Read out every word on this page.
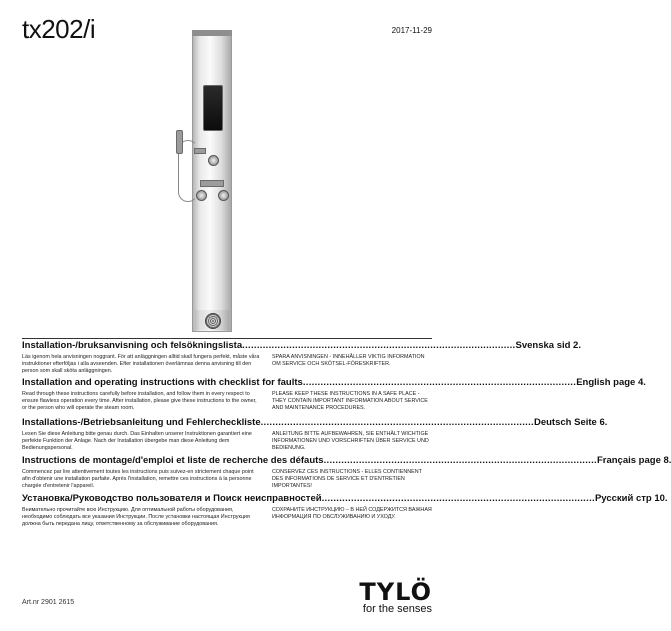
tx202/i	2017-11-29
Installation-/bruksanvisning och felsökningslista ............................................................................................. Svenska sid 2.
Läs igenom hela anvisningen noggrant. För att anläggningen alltid skall fungera perfekt, måste våra instruktioner efterföljas i alla avseenden. Efter installationen överlämnas denna anvisning till den person som skall sköta anläggningen.
SPARA ANVISNINGEN - INNEHÅLLER VIKTIG INFORMATION OM SERVICE OCH SKÖTSEL-FÖRESKRIFTER.
Installation and operating instructions with checklist for faults ............................................................................................. English page 4.
Read through these instructions carefully before installation, and follow them in every respect to ensure flawless operation every time. After installation, please give these instructions to the owner, or the person who will operate the steam room.
PLEASE KEEP THESE INSTRUCTIONS IN A SAFE PLACE - THEY CONTAIN IMPORTANT INFORMATION ABOUT SERVICE AND MAINTENANCE PROCEDURES.
Installations-/Betriebsanleitung und Fehlercheckliste ............................................................................................. Deutsch Seite 6.
Lesen Sie diese Anleitung bitte genau durch. Das Einhalten unserer Instruktionen garantiert eine perfekte Funktion der Anlage. Nach der Installation übergebe man diese Anleitung dem Bedienungspersonal.
ANLEITUNG BITTE AUFBEWAHREN, SIE ENTHÄLT WICHTIGE INFORMATIONEN UND VORSCHRIFTEN ÜBER SERVICE UND BEDIENUNG.
Instructions de montage/d'emploi et liste de recherche des défauts ............................................................................................. Français page 8.
Commencez par lire attentivement toutes les instructions puis suivez-en strictement chaque point afin d'obtenir une installation parfaite. Après l'installation, remettre ces instructions à la personne chargée d'entretenir l'appareil.
CONSERVEZ CES INSTRUCTIONS - ELLES CONTIENNENT DES INFORMATIONS DE SERVICE ET D'ENTRETIEN IMPORTANTES!
Установка/Руководство пользователя и Поиск неисправностей ............................................................................................. Русский стр 10.
Внимательно прочитайте всю Инструкцию. Для оптимальной работы оборудования, необходимо соблюдать все указания Инструкции. После установки настоящая Инструкция должна быть передана лицу, ответственному за обслуживание оборудования.
СОХРАНИТЕ ИНСТРУКЦИЮ – В НЕЙ СОДЕРЖИТСЯ ВАЖНАЯ ИНФОРМАЦИЯ ПО ОБСЛУЖИВАНИЮ И УХОДУ.
Art.nr 2901 2615	TYLÖ
for the senses
